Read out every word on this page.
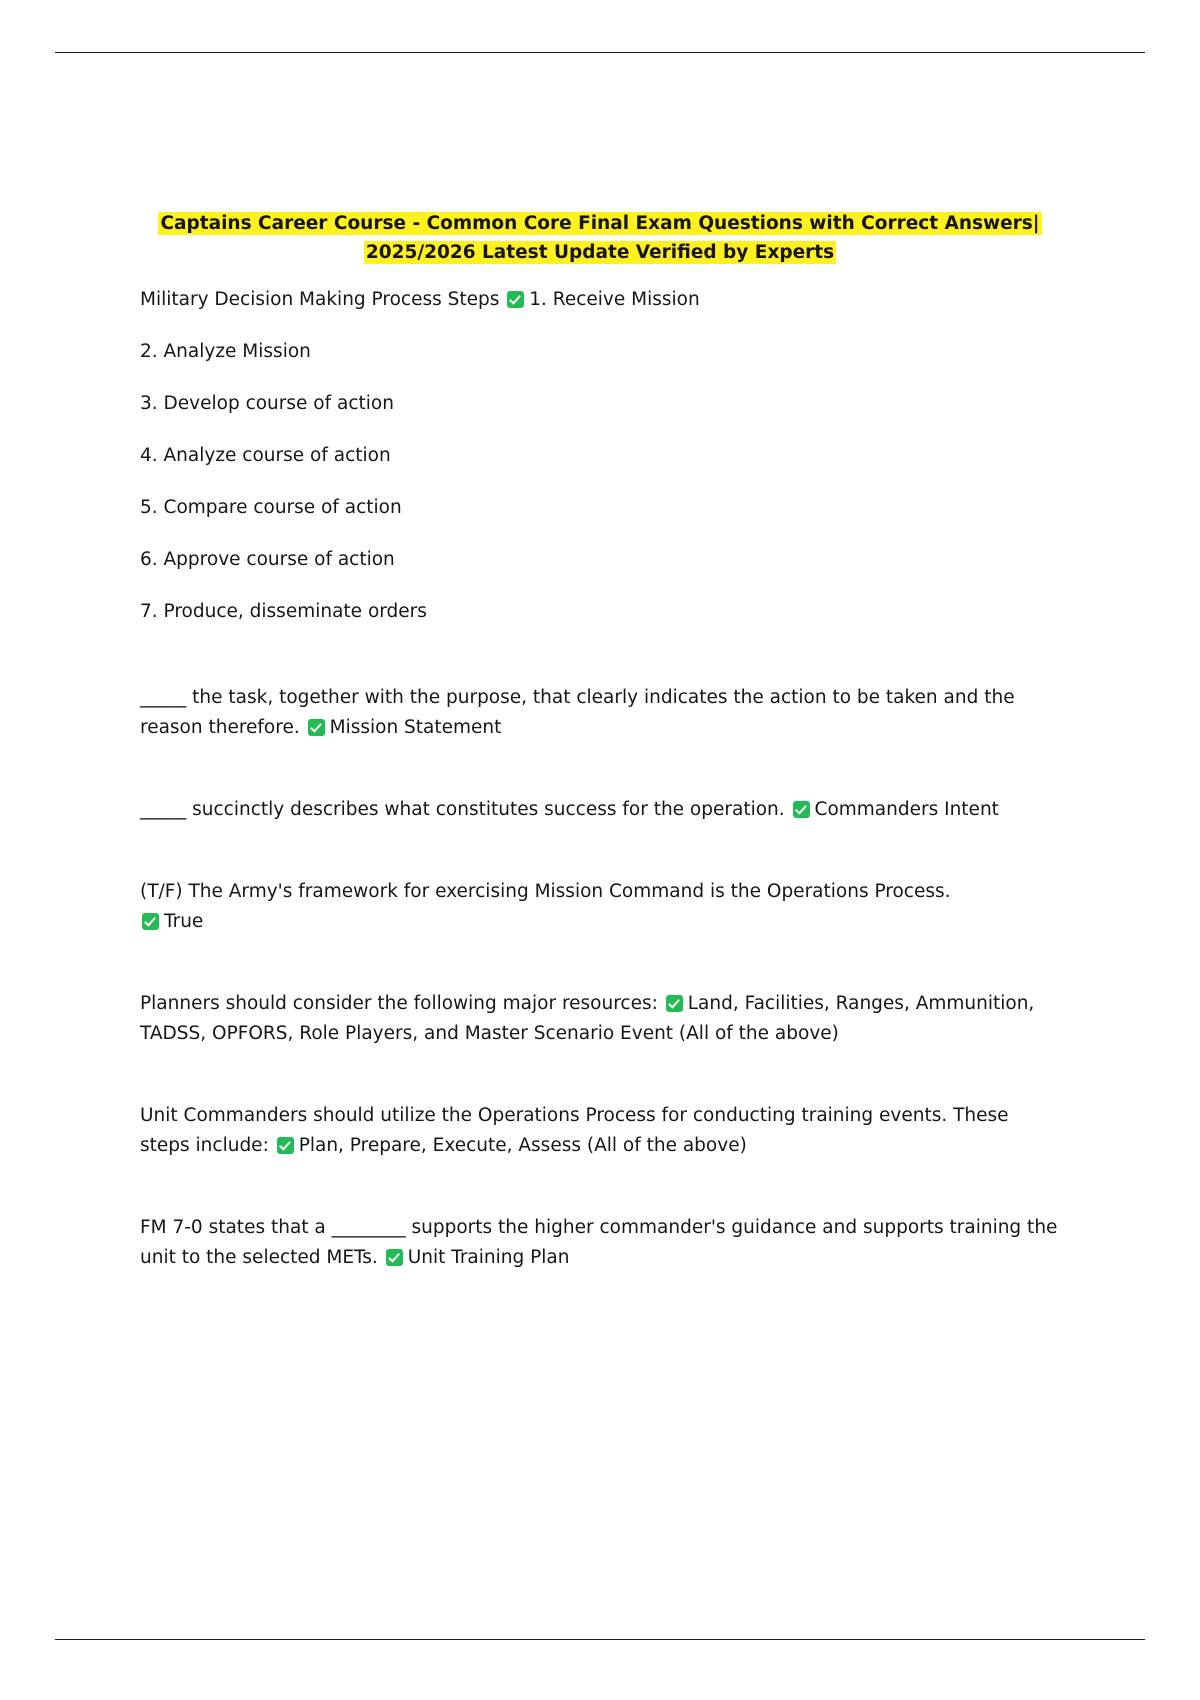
Captains Career Course - Common Core Final Exam Questions with Correct Answers|
2025/2026 Latest Update Verified by Experts

Military Decision Making Process Steps 1. Receive Mission

2. Analyze Mission

3. Develop course of action

4. Analyze course of action

5. Compare course of action

6. Approve course of action

7. Produce, disseminate orders

_____ the task, together with the purpose, that clearly indicates the action to be taken and the reason therefore. Mission Statement

_____ succinctly describes what constitutes success for the operation. Commanders Intent

(T/F) The Army's framework for exercising Mission Command is the Operations Process.
True

Planners should consider the following major resources: Land, Facilities, Ranges, Ammunition, TADSS, OPFORS, Role Players, and Master Scenario Event (All of the above)

Unit Commanders should utilize the Operations Process for conducting training events. These steps include: Plan, Prepare, Execute, Assess (All of the above)

FM 7-0 states that a ________ supports the higher commander's guidance and supports training the unit to the selected METs. Unit Training Plan
